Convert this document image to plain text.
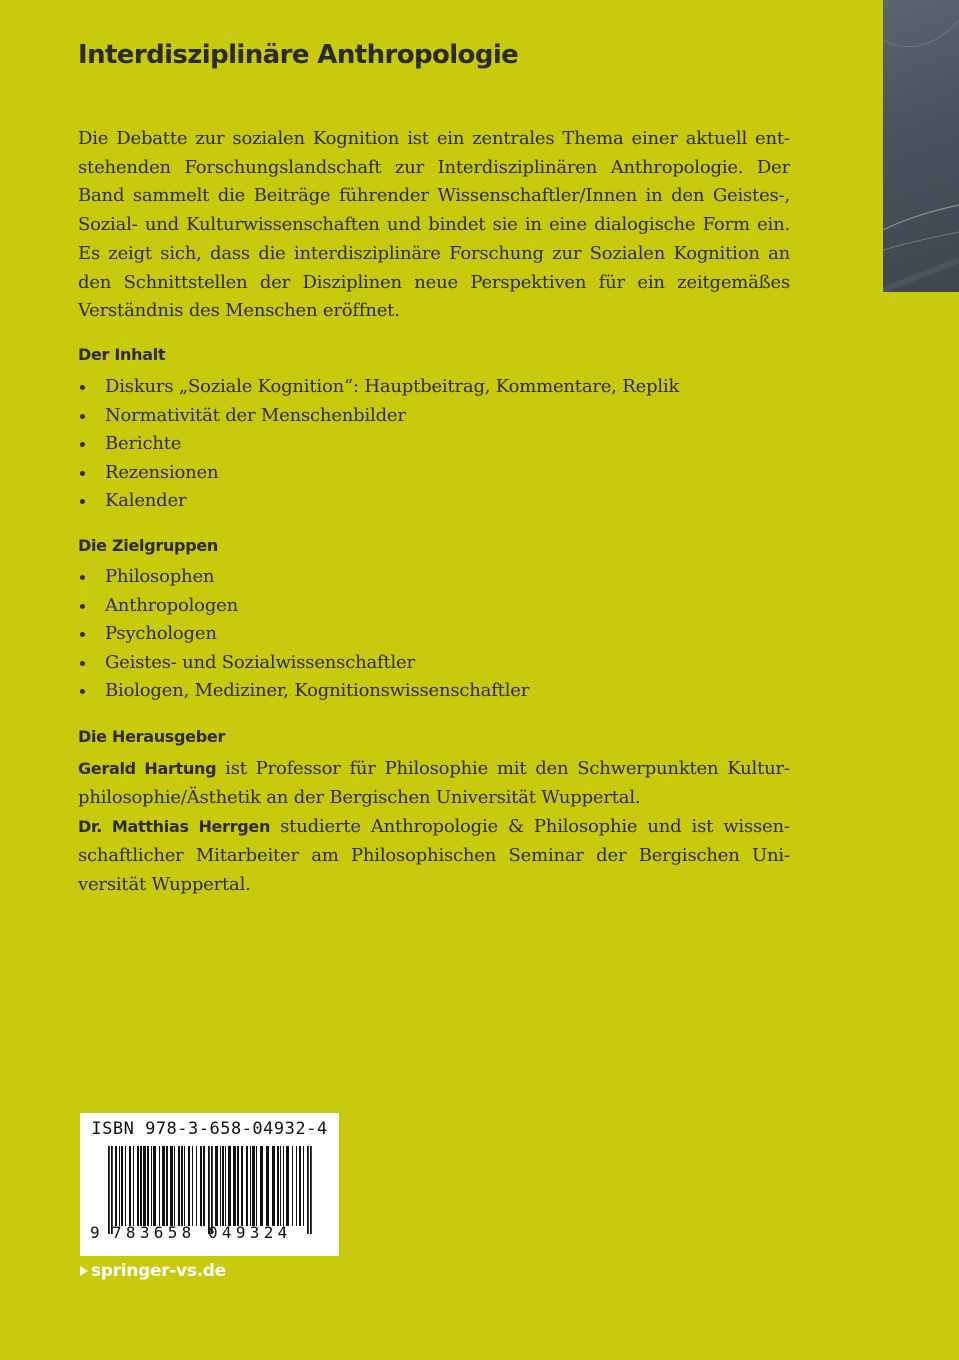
Interdisziplinäre Anthropologie

Die Debatte zur sozialen Kognition ist ein zentrales Thema einer aktuell entstehenden Forschungslandschaft zur Interdisziplinären Anthropologie. Der Band sammelt die Beiträge führender Wissenschaftler/Innen in den Geistes-, Sozial- und Kulturwissenschaften und bindet sie in eine dialogische Form ein. Es zeigt sich, dass die interdisziplinäre Forschung zur Sozialen Kognition an den Schnittstellen der Disziplinen neue Perspektiven für ein zeitgemäßes Verständnis des Menschen eröffnet.

Der Inhalt
Diskurs „Soziale Kognition“: Hauptbeitrag, Kommentare, Replik
Normativität der Menschenbilder
Berichte
Rezensionen
Kalender
Die Zielgruppen
Philosophen
Anthropologen
Psychologen
Geistes- und Sozialwissenschaftler
Biologen, Mediziner, Kognitionswissenschaftler
Die Herausgeber

Gerald Hartung ist Professor für Philosophie mit den Schwerpunkten Kulturphilosophie/Ästhetik an der Bergischen Universität Wuppertal.

Dr. Matthias Herrgen studierte Anthropologie & Philosophie und ist wissenschaftlicher Mitarbeiter am Philosophischen Seminar der Bergischen Universität Wuppertal.

ISBN 978-3-658-04932-4
9 783658 049324
springer-vs.de
